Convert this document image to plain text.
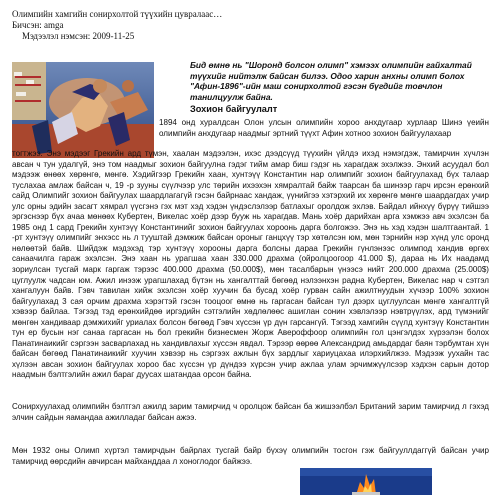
Олимпийн хамгийн сонирхолтой түүхийн цувралаас…
Бичсэн: amga
Мэдээлэл нэмсэн: 2009-11-25
Бид өмнө нь "Шоронд болсон олимп" хэмээх олимпийн гайхалтай түүхийг нийтэлж байсан билээ. Одоо харин анхны олимп болох "Афин-1896"-ийн маш сонирхолтой гэсэн бүгдийг товчлон танилцуулж байна.
Зохион байгуулалт
1894 онд хуралдсан Олон улсын олимпийн хороо анхдугаар хурлаар Шинэ үеийн олимпийн анхдугаар наадмыг эртний түүхт Афин хотноо зохион байгуулахаар
тогтжээ. Энэ мэдээг Грекийн ард түмэн, хаалан мэдээлэн, ихэс дээдсүүд түүхийн үйлдэ ихэд нэмэгдэж, тамирчин хүчлэн авсан ч тун удалгүй, энэ том наадмыг зохион байгуулна гэдэг тийм амар биш гэдэг нь харагдаж эхэлжээ. Энхий асуудал бол мэдээж өнөөх хөрөнгө, мөнгө. Хэдийгээр Грекийн хаан, хунтэүү Константин нар олимпийг зохион байгуулахад бүх талаар туслахаа амлаж байсан ч, 19 -р зууны сүүлчээр улс төрийн ихээхэн хямралтай байж таарсан ба шинээр гарч ирсэн ерөнхий сайд Олимпийг зохион байгуулах шаардлагагүй гэсэн байрнаас хандаж, үүнийгээ хэтэрхий их хөрөнгө мөнгө шаардагдах учир улс орны эдийн засагт хямрал үүсгэнэ гэх мэт хэд хэдэн үндэслэлээр батлахыг оролдож эхлэв. Байдал ийнхүү бүрүү тийшээ эргэснээр бүх ачаа мөнөөх Кубертен, Викелас хоёр дээр бууж нь харагдав. Мань хоёр дарийхан арга хэмжээ авч эхэлсэн ба 1985 онд 1 сард Грекийн хунтэүү Константинийг зохион байгуулах хороонь дарга болгожээ. Энэ нь хэд хэдэн шалтгаантай. 1 -рт хунтэүү олимпийг энхэсс нь л тууштай дэмжиж байсан ороныг ганцхүү тэр хөтөлсэн юм, мөн тэрнийн нэр хүнд улс оронд нөлөөтэй байв. Шийдэж мэдэхэд тэр хунтэүү хорооны дарга болсны дараа Грекийн гүнлэнээс олимпод хандив өргөх санаачилга гараж эхэлсэн. Энэ хаан нь урагшаа хаан 330.000 драхма (ойролцоогоор 41.000 $), дараа нь Их наадамд зориулсан тусгай марк гаргаж тэрээс 400.000 драхма (50.000$), мөн тасалбарын үнээсэ нийт 200.000 драхма (25.000$) цуглуулж чадсан юм. Ажил инээж урагшлахад бүтэн нь хангалттай бөгөөд нэлээнхэн радна Кубертен, Викелас нар ч сэтгэл хангалуун байв. Гэвч тавилан хийж эхэлсэн хоёр хуучин ба бусад хоёр гурван сайн ажилтнуудын хүчээр 100% зохион байгуулахад 3 сая орчим драхма хэрэгтэй гэсэн тооцоог өмнө нь гаргасан байсан тул дээрх цуглуулсан мөнгө хангалтгүй хэвээр байлаа. Тэгээд тэд ерөнхийдөө иргэдийн сэтгэлийн хөдлөлөөс ашиглан сонин хэвлэлээр нэвтрүүлэх, ард түмэнийг мөнгөн хандиваар дэмжихийг уриалах болсон бөгөөд Гэвч хүссэн үр дүн гарсангүй. Тэгээд хамгийн сүүлд хунтэүү Константин тун ер бусын нэг санаа гаргасан нь бол грекийн бизнесмен Жорж Авероффоор олимпийн гол цэнгэлдэх хүрээлэн болох Панатинаикийг сэргээн засварлахад нь хандивлахыг хүссэн явдал. Тэрээр өөрөө Александрид амьдардаг баян тэрбумтан хүн байсан бөгөөд Панатинаикийг хуучин хэвээр нь сэргээх ажлын бүх зардлыг хариуцахаа илэрхийлжээ. Мэдээж уухайн тас хүлээн авсан зохион байгуулах хороо бас хүссэн үр дүндээ хүрсэн учир ажлаа улам эрчимжүүлсээр хэдхэн сарын дотор наадмын бэлтгэлийн ажил бараг дуусах шатандаа орсон байна.
Сонирхуулахад олимпийн бэлтгэл ажилд зарим тамирчид ч оролцож байсан ба жишээлбэл Британий зарим тамирчид л гэхэд элчин сайдын яамандаа ажилладаг байсан ажээ.
Мөн 1932 оны Олимп хүртэл тамирчдын байрлах тусгай байр бүхэү олимпийн тосгон гэж байгууллдаггүй байсан учир тамирчид өөрсдийн авчирсан майханддаа л хоноглодог байжээ.
